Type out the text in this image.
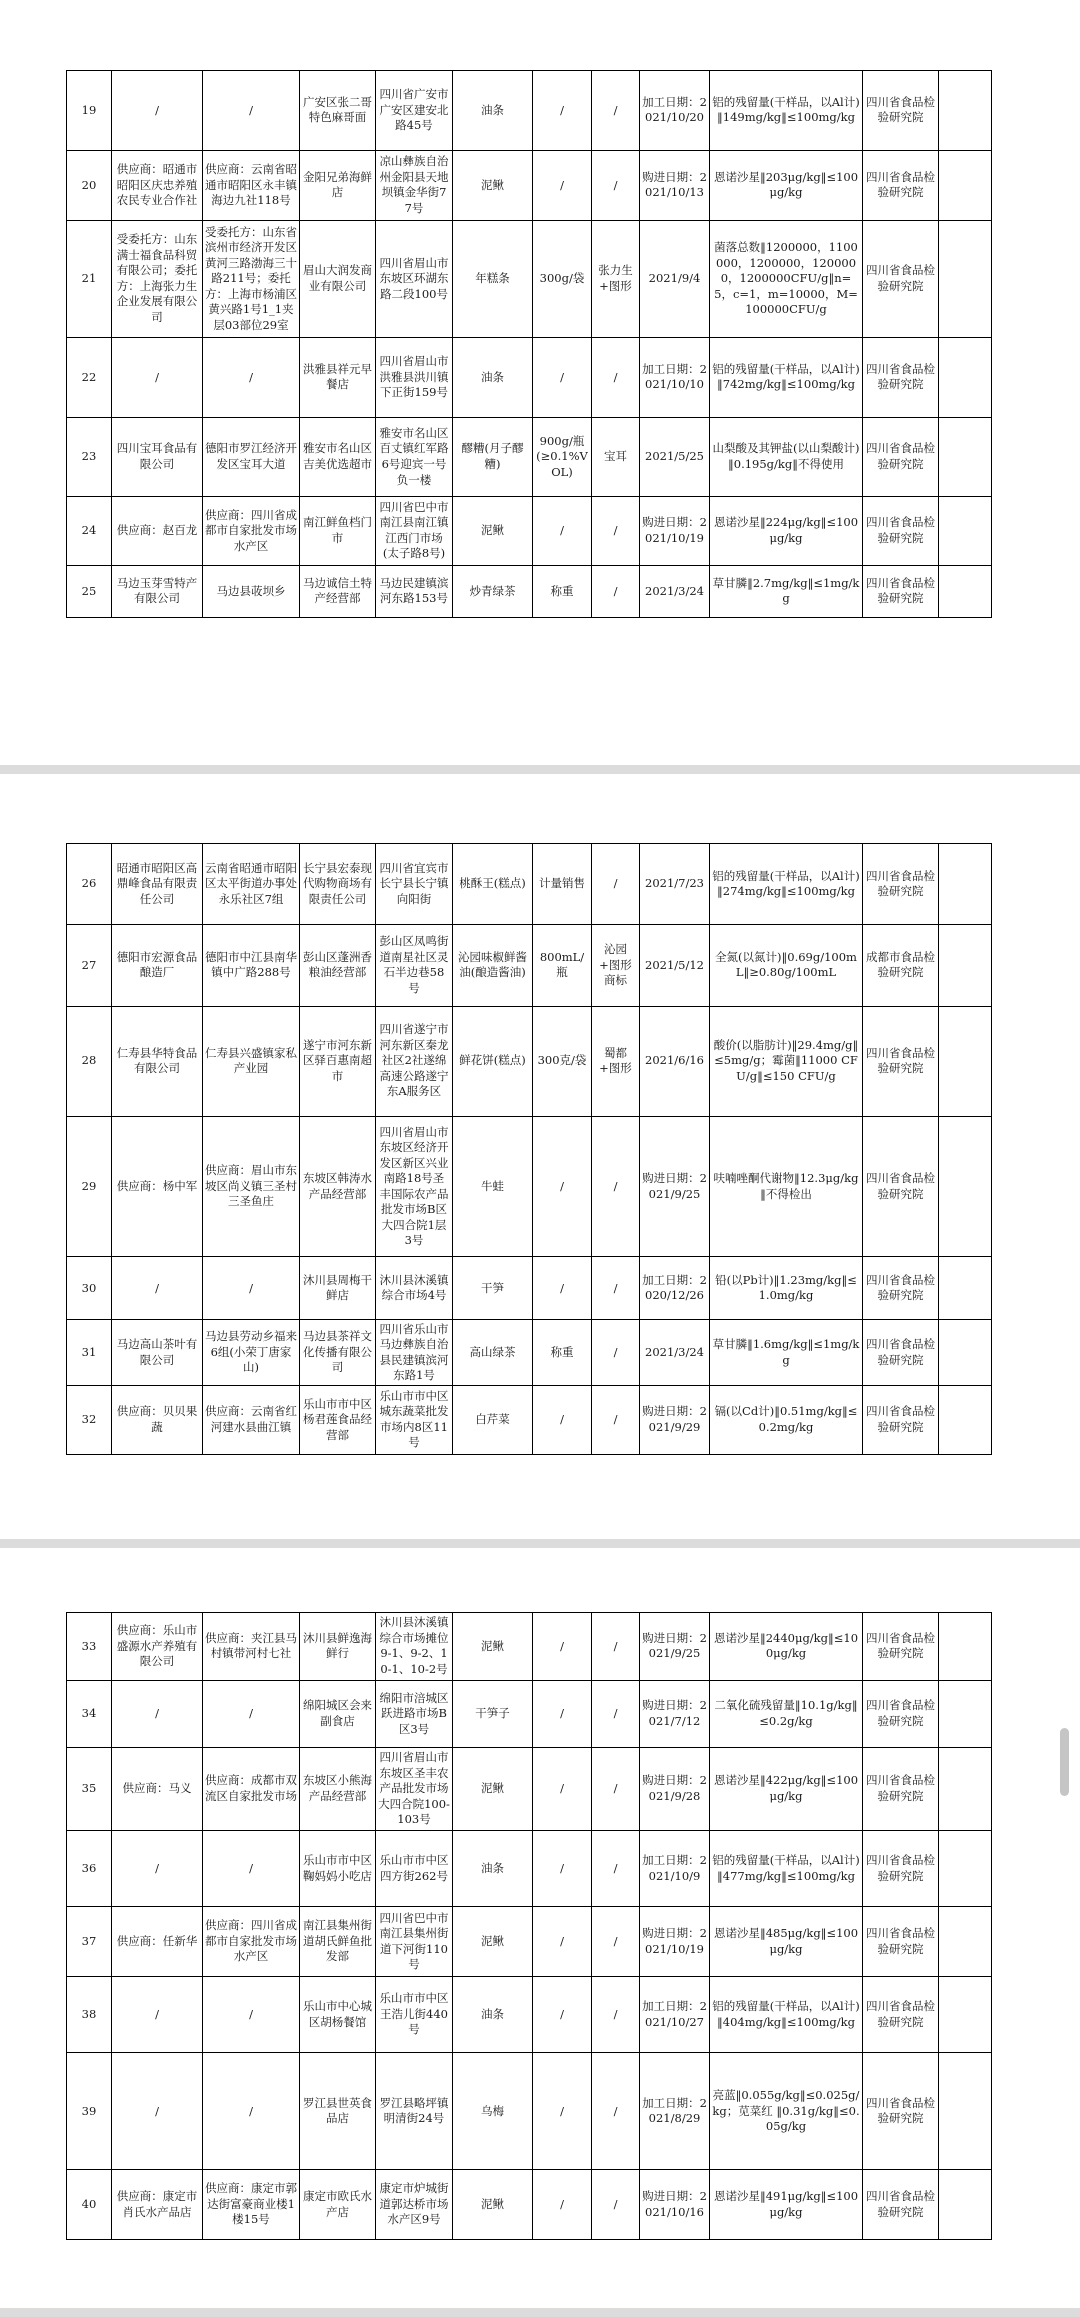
19	/	/	广安区张二哥特色麻哥面	四川省广安市广安区建安北路45号	油条	/	/	加工日期：2021/10/20	铝的残留量(干样品，以Al计)‖149mg/kg‖≤100mg/kg	四川省食品检验研究院	
20	供应商：昭通市昭阳区庆忠养殖农民专业合作社	供应商：云南省昭通市昭阳区永丰镇海边九社118号	金阳兄弟海鲜店	凉山彝族自治州金阳县天地坝镇金华街77号	泥鳅	/	/	购进日期：2021/10/13	恩诺沙星‖203μg/kg‖≤100μg/kg	四川省食品检验研究院	
21	受委托方：山东满士福食品科贸有限公司；委托方：上海张力生企业发展有限公司	受委托方：山东省滨州市经济开发区黄河三路渤海三十路211号；委托方：上海市杨浦区黄兴路1号1_1夹层03部位29室	眉山大润发商业有限公司	四川省眉山市东坡区环湖东路二段100号	年糕条	300g/袋	张力生+图形	2021/9/4	菌落总数‖1200000，1100000，1200000，1200000，1200000CFU/g‖n=5，c=1，m=10000，M=100000CFU/g	四川省食品检验研究院	
22	/	/	洪雅县祥元早餐店	四川省眉山市洪雅县洪川镇下正街159号	油条	/	/	加工日期：2021/10/10	铝的残留量(干样品，以Al计)‖742mg/kg‖≤100mg/kg	四川省食品检验研究院	
23	四川宝耳食品有限公司	德阳市罗江经济开发区宝耳大道	雅安市名山区吉美优选超市	雅安市名山区百丈镇红军路6号迎宾一号负一楼	醪糟(月子醪糟)	900g/瓶(≥0.1%VOL)	宝耳	2021/5/25	山梨酸及其钾盐(以山梨酸计)‖0.195g/kg‖不得使用	四川省食品检验研究院	
24	供应商：赵百龙	供应商：四川省成都市自家批发市场水产区	南江鲜鱼档门市	四川省巴中市南江县南江镇江西门市场(太子路8号)	泥鳅	/	/	购进日期：2021/10/19	恩诺沙星‖224μg/kg‖≤100μg/kg	四川省食品检验研究院	
25	马边玉芽雪特产有限公司	马边县荍坝乡	马边诚信土特产经营部	马边民建镇滨河东路153号	炒青绿茶	称重	/	2021/3/24	草甘膦‖2.7mg/kg‖≤1mg/kg	四川省食品检验研究院	
26	昭通市昭阳区高鼎峰食品有限责任公司	云南省昭通市昭阳区太平街道办事处永乐社区7组	长宁县宏泰现代购物商场有限责任公司	四川省宜宾市长宁县长宁镇向阳街	桃酥王(糕点)	计量销售	/	2021/7/23	铝的残留量(干样品，以Al计)‖274mg/kg‖≤100mg/kg	四川省食品检验研究院	
27	德阳市宏源食品酿造厂	德阳市中江县南华镇中广路288号	彭山区蓬洲香粮油经营部	彭山区凤鸣街道南星社区灵石半边巷58号	沁园味椒鲜酱油(酿造酱油)	800mL/瓶	沁园+图形商标	2021/5/12	全氮(以氮计)‖0.69g/100mL‖≥0.80g/100mL	成都市食品检验研究院	
28	仁寿县华特食品有限公司	仁寿县兴盛镇家私产业园	遂宁市河东新区驿百惠南超市	四川省遂宁市河东新区秦龙社区2社遂绵高速公路遂宁东A服务区	鲜花饼(糕点)	300克/袋	蜀都+图形	2021/6/16	酸价(以脂肪计)‖29.4mg/g‖≤5mg/g；霉菌‖11000 CFU/g‖≤150 CFU/g	四川省食品检验研究院	
29	供应商：杨中军	供应商：眉山市东坡区尚义镇三圣村三圣鱼庄	东坡区韩涛水产品经营部	四川省眉山市东坡区经济开发区新区兴业南路18号圣丰国际农产品批发市场B区大四合院1层3号	牛蛙	/	/	购进日期：2021/9/25	呋喃唑酮代谢物‖12.3μg/kg‖不得检出	四川省食品检验研究院	
30	/	/	沐川县周梅干鲜店	沐川县沐溪镇综合市场4号	干笋	/	/	加工日期：2020/12/26	铅(以Pb计)‖1.23mg/kg‖≤1.0mg/kg	四川省食品检验研究院	
31	马边高山茶叶有限公司	马边县劳动乡福来6组(小荣丁唐家山)	马边县茶祥文化传播有限公司	四川省乐山市马边彝族自治县民建镇滨河东路1号	高山绿茶	称重	/	2021/3/24	草甘膦‖1.6mg/kg‖≤1mg/kg	四川省食品检验研究院	
32	供应商：贝贝果蔬	供应商：云南省红河建水县曲江镇	乐山市市中区杨君莲食品经营部	乐山市市中区城东蔬菜批发市场内8区11号	白芹菜	/	/	购进日期：2021/9/29	镉(以Cd计)‖0.51mg/kg‖≤0.2mg/kg	四川省食品检验研究院	
33	供应商：乐山市盛源水产养殖有限公司	供应商：夹江县马村镇带河村七社	沐川县鲜逸海鲜行	沐川县沐溪镇综合市场摊位9-1、9-2、10-1、10-2号	泥鳅	/	/	购进日期：2021/9/25	恩诺沙星‖2440μg/kg‖≤100μg/kg	四川省食品检验研究院	
34	/	/	绵阳城区会来副食店	绵阳市涪城区跃进路市场B区3号	干笋子	/	/	购进日期：2021/7/12	二氧化硫残留量‖10.1g/kg‖≤0.2g/kg	四川省食品检验研究院	
35	供应商：马义	供应商：成都市双流区自家批发市场	东坡区小熊海产品经营部	四川省眉山市东坡区圣丰农产品批发市场大四合院100-103号	泥鳅	/	/	购进日期：2021/9/28	恩诺沙星‖422μg/kg‖≤100μg/kg	四川省食品检验研究院	
36	/	/	乐山市市中区鞠妈妈小吃店	乐山市市中区四方街262号	油条	/	/	加工日期：2021/10/9	铝的残留量(干样品，以Al计)‖477mg/kg‖≤100mg/kg	四川省食品检验研究院	
37	供应商：任新华	供应商：四川省成都市自家批发市场水产区	南江县集州街道胡氏鲜鱼批发部	四川省巴中市南江县集州街道下河街110号	泥鳅	/	/	购进日期：2021/10/19	恩诺沙星‖485μg/kg‖≤100μg/kg	四川省食品检验研究院	
38	/	/	乐山市中心城区胡杨餐馆	乐山市市中区王浩儿街440号	油条	/	/	加工日期：2021/10/27	铝的残留量(干样品，以Al计)‖404mg/kg‖≤100mg/kg	四川省食品检验研究院	
39	/	/	罗江县世英食品店	罗江县略坪镇明清街24号	乌梅	/	/	加工日期：2021/8/29	亮蓝‖0.055g/kg‖≤0.025g/kg；苋菜红 ‖0.31g/kg‖≤0.05g/kg	四川省食品检验研究院	
40	供应商：康定市肖氏水产品店	供应商：康定市郭达街富豪商业楼1楼15号	康定市欧氏水产店	康定市炉城街道郭达桥市场水产区9号	泥鳅	/	/	购进日期：2021/10/16	恩诺沙星‖491μg/kg‖≤100μg/kg	四川省食品检验研究院	
